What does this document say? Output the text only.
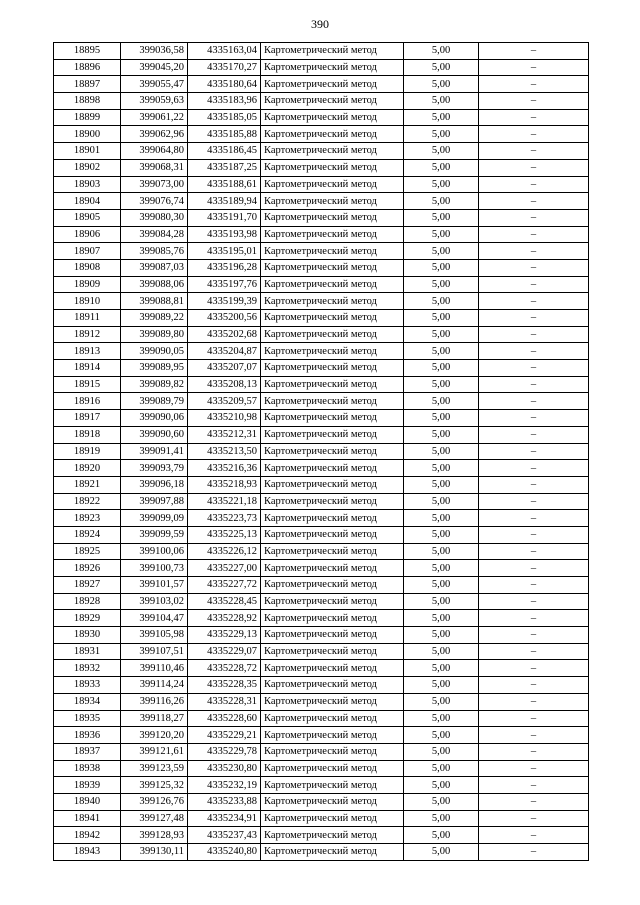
390
18895	399036,58	4335163,04	Картометрический метод	5,00	–
18896	399045,20	4335170,27	Картометрический метод	5,00	–
18897	399055,47	4335180,64	Картометрический метод	5,00	–
18898	399059,63	4335183,96	Картометрический метод	5,00	–
18899	399061,22	4335185,05	Картометрический метод	5,00	–
18900	399062,96	4335185,88	Картометрический метод	5,00	–
18901	399064,80	4335186,45	Картометрический метод	5,00	–
18902	399068,31	4335187,25	Картометрический метод	5,00	–
18903	399073,00	4335188,61	Картометрический метод	5,00	–
18904	399076,74	4335189,94	Картометрический метод	5,00	–
18905	399080,30	4335191,70	Картометрический метод	5,00	–
18906	399084,28	4335193,98	Картометрический метод	5,00	–
18907	399085,76	4335195,01	Картометрический метод	5,00	–
18908	399087,03	4335196,28	Картометрический метод	5,00	–
18909	399088,06	4335197,76	Картометрический метод	5,00	–
18910	399088,81	4335199,39	Картометрический метод	5,00	–
18911	399089,22	4335200,56	Картометрический метод	5,00	–
18912	399089,80	4335202,68	Картометрический метод	5,00	–
18913	399090,05	4335204,87	Картометрический метод	5,00	–
18914	399089,95	4335207,07	Картометрический метод	5,00	–
18915	399089,82	4335208,13	Картометрический метод	5,00	–
18916	399089,79	4335209,57	Картометрический метод	5,00	–
18917	399090,06	4335210,98	Картометрический метод	5,00	–
18918	399090,60	4335212,31	Картометрический метод	5,00	–
18919	399091,41	4335213,50	Картометрический метод	5,00	–
18920	399093,79	4335216,36	Картометрический метод	5,00	–
18921	399096,18	4335218,93	Картометрический метод	5,00	–
18922	399097,88	4335221,18	Картометрический метод	5,00	–
18923	399099,09	4335223,73	Картометрический метод	5,00	–
18924	399099,59	4335225,13	Картометрический метод	5,00	–
18925	399100,06	4335226,12	Картометрический метод	5,00	–
18926	399100,73	4335227,00	Картометрический метод	5,00	–
18927	399101,57	4335227,72	Картометрический метод	5,00	–
18928	399103,02	4335228,45	Картометрический метод	5,00	–
18929	399104,47	4335228,92	Картометрический метод	5,00	–
18930	399105,98	4335229,13	Картометрический метод	5,00	–
18931	399107,51	4335229,07	Картометрический метод	5,00	–
18932	399110,46	4335228,72	Картометрический метод	5,00	–
18933	399114,24	4335228,35	Картометрический метод	5,00	–
18934	399116,26	4335228,31	Картометрический метод	5,00	–
18935	399118,27	4335228,60	Картометрический метод	5,00	–
18936	399120,20	4335229,21	Картометрический метод	5,00	–
18937	399121,61	4335229,78	Картометрический метод	5,00	–
18938	399123,59	4335230,80	Картометрический метод	5,00	–
18939	399125,32	4335232,19	Картометрический метод	5,00	–
18940	399126,76	4335233,88	Картометрический метод	5,00	–
18941	399127,48	4335234,91	Картометрический метод	5,00	–
18942	399128,93	4335237,43	Картометрический метод	5,00	–
18943	399130,11	4335240,80	Картометрический метод	5,00	–
